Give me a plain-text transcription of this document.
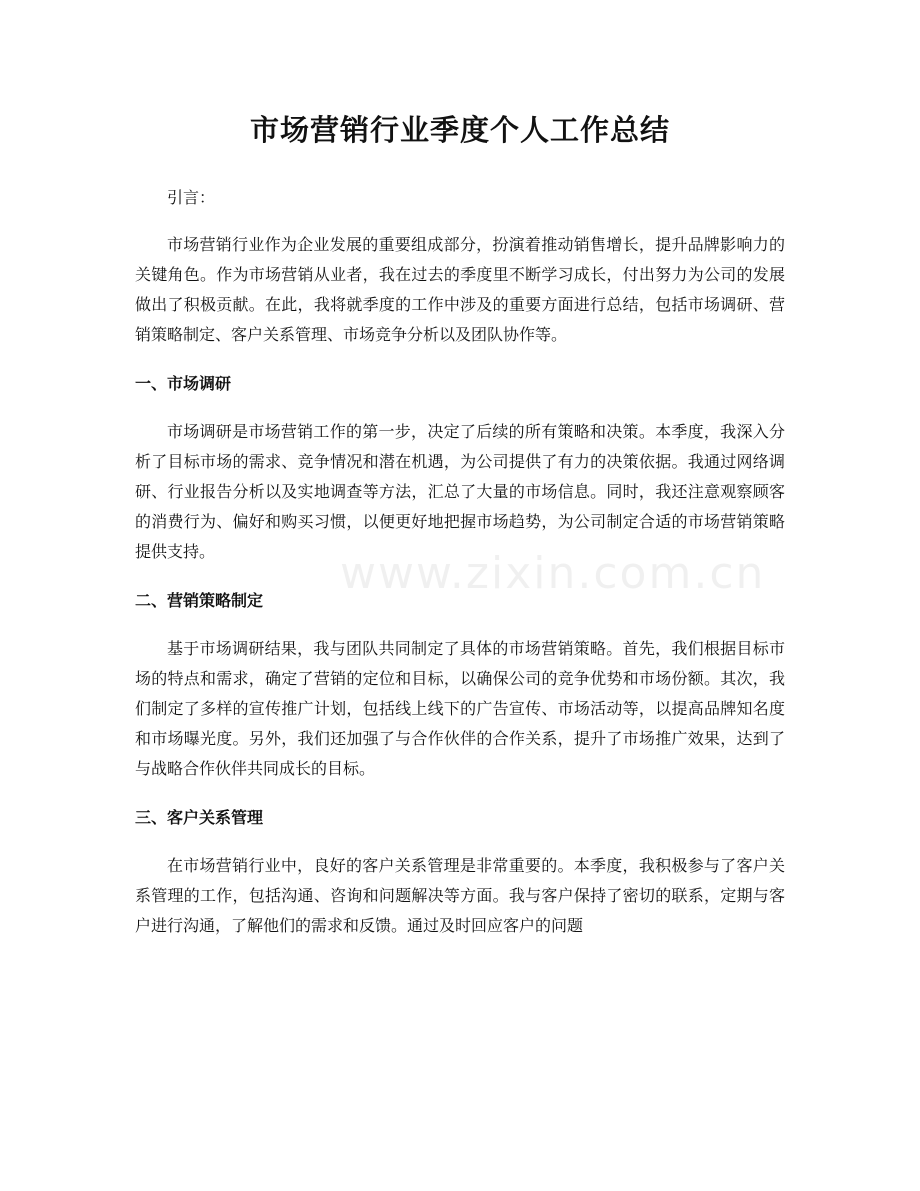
市场营销行业季度个人工作总结
www.zixin.com.cn

引言：

市场营销行业作为企业发展的重要组成部分，扮演着推动销售增长，提升品牌影响力的关键角色。作为市场营销从业者，我在过去的季度里不断学习成长，付出努力为公司的发展做出了积极贡献。在此，我将就季度的工作中涉及的重要方面进行总结，包括市场调研、营销策略制定、客户关系管理、市场竞争分析以及团队协作等。

一、市场调研

市场调研是市场营销工作的第一步，决定了后续的所有策略和决策。本季度，我深入分析了目标市场的需求、竞争情况和潜在机遇，为公司提供了有力的决策依据。我通过网络调研、行业报告分析以及实地调查等方法，汇总了大量的市场信息。同时，我还注意观察顾客的消费行为、偏好和购买习惯，以便更好地把握市场趋势，为公司制定合适的市场营销策略提供支持。

二、营销策略制定

基于市场调研结果，我与团队共同制定了具体的市场营销策略。首先，我们根据目标市场的特点和需求，确定了营销的定位和目标，以确保公司的竞争优势和市场份额。其次，我们制定了多样的宣传推广计划，包括线上线下的广告宣传、市场活动等，以提高品牌知名度和市场曝光度。另外，我们还加强了与合作伙伴的合作关系，提升了市场推广效果，达到了与战略合作伙伴共同成长的目标。

三、客户关系管理

在市场营销行业中，良好的客户关系管理是非常重要的。本季度，我积极参与了客户关系管理的工作，包括沟通、咨询和问题解决等方面。我与客户保持了密切的联系，定期与客户进行沟通，了解他们的需求和反馈。通过及时回应客户的问题
